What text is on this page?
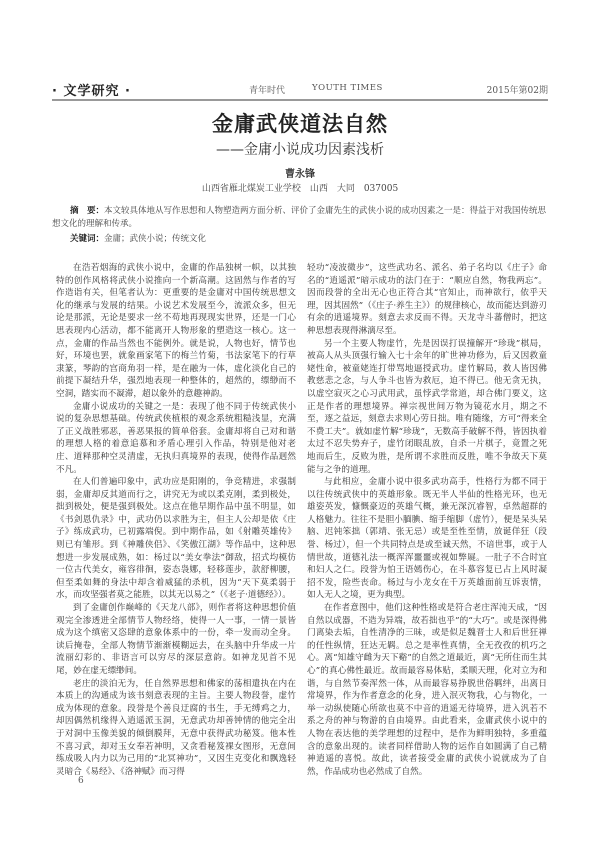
· 文学研究 ·	青年时代	YOUTH TIMES	2015年第02期
金庸武侠道法自然
——金庸小说成功因素浅析
曹永锋
山西省雁北煤炭工业学校　山西　大同　037005
摘　要：本文较具体地从写作思想和人物塑造两方面分析、评价了金庸先生的武侠小说的成功因素之一是：得益于对我国传统思想文化的理解和传承。
关键词：金庸；武侠小说；传统文化

在浩若烟海的武侠小说中，金庸的作品独树一帜，以其独特的创作风格将武侠小说推向一个新高潮。这固然与作者的写作造诣有关，但笔者认为：更重要的是金庸对中国传统思想文化的继承与发展的结果。小说艺术发展至今，流派众多，但无论是那派，无论是要求一丝不苟地再现现实世界，还是一门心思表现内心活动，都不能离开人物形象的塑造这一核心。这一点，金庸的作品当然也不能例外。就是说，人物也好，情节也好，环境也罢，就象画家笔下的梅兰竹菊，书法家笔下的行草隶篆，琴韵的宫商角羽一样，是在融为一体，虚化淡化自己的前提下凝结升华，强烈地表现一种整体的，超然的，缥缈而不空洞，踏实而不凝滞，超以象外的意趣神韵。

金庸小说成功的关键之一是：表现了他不同于传统武侠小说的复杂思想基础。传统武侠植根的观念系统粗糙浅显，充满了正义战胜邪恶，善恶果报的简单俗套。金庸却将自己对和谐的理想人格的着意追慕和矛盾心理引入作品，特别是他对老庄、道释那种空灵清虚，无执归真境界的表现，使得作品迥然不凡。

在人们普遍印象中，武功应是阳刚的，争竞精进，求强制弱，金庸却反其道而行之，讲究无为或以柔克刚，柔到极处，拙到极处，便是强到极处。这点在他早期作品中虽不明显，如《书剑恩仇录》中，武功仍以求胜为主，但主人公却是依《庄子》练成武功，已初露端倪。到中期作品，如《射雕英雄传》则已有雏形。到《神雕侠侣》、《笑傲江湖》等作品中，这种思想进一步发展成熟，如：杨过以“美女拳法”御敌，招式均模仿一位古代美女，雍容徘徊，姿态袅娜，轻移莲步，款舒柳腰，但至柔如舞的身法中却含着威猛的杀机，因为“天下莫柔弱于水，而攻坚强者莫之能胜，以其无以易之”（《老子·道德经》）。

到了金庸创作巅峰的《天龙八部》，则作者将这种思想价值观完全渗透进全部情节人物经络，使得一人一事，一情一景皆成为这个缜密又恣肆的意象体系中的一份，牵一发而动全身。读后掩卷，全部人物情节渐渐模糊远去，在头脑中升华成一片流丽幻彩的、非语言可以穷尽的深层意韵。如神龙见首不见尾，妙在虚无缥缈间。

老庄的淡泊无为，任自然界思想和佛家的荡相遣执在内在本质上的沟通成为该书刻意表现的主旨。主要人物段誉，虚竹成为体现的意象。段誉是个善良迂腐的书生，手无缚鸡之力，却因偶然机缘得入逍遥派玉洞，无意武功却善钟情的他完全出于对洞中玉像美貌的倾倒膜拜，无意中获得武功秘笈。他本性不喜习武，却对玉女奉若神明，又贪看秘笈裸女图形，无意间练成吸人内力以为己用的“北冥神功”，又因生克变化和飘逸轻灵暗合《易经》、《洛神赋》而习得

轻功“凌波微步”，这些武功名、派名、弟子名均以《庄子》命名的“逍遥派”暗示成功的法门在于：“顺应自然，物我两忘”。因而段誉的全出无心也正符合其“官知止，而神欲行，依乎天理，因其固然”（《庄子·养生主》）的规律核心，故而能达到游刃有余的逍遥境界。刻意去求反而不得。天龙寺斗蕃僧时，把这种思想表现得淋漓尽至。

另一个主要人物虚竹，先是因误打误撞解开“珍珑”棋局，被高人从头顶强行输入七十余年的旷世神功修为，后又因救童姥性命，被童姥连打带骂地逼授武功。虚竹解局，救人皆因佛教慈悲之念，与人争斗也皆为救厄，迫不得已。他无贪无执，以虚空寂灭之心习武用武，虽悖武学常道，却合佛门要义，这正是作者的理想境界。禅宗视世间万物为镜花水月，期之不至，逐之益远，刻意去求则心劳日拙。唯有随缘，方可“得来全不费工夫”。就如虚竹解“珍珑”，无数高手破解不得，皆因执着太过不忍失势弃子，虚竹闭眼乱放，自杀一片棋子，竟置之死地而后生，反败为胜，是所谓不求胜而反胜，唯不争故天下莫能与之争的道理。

与此相应，金庸小说中很多武功高手，性格行为都不同于以往传统武侠中的英雄形象。既无半人半仙的性格光环，也无雄姿英发，慷慨豪迈的英雄气概，兼无深沉睿智，卓然超群的人格魅力。往往不是胆小腼腆、缩手缩脚（虚竹），便是呆头呆脑、迟钝笨拙（郭靖、张无忌）或是至性至情，放诞佯狂（段誉、杨过），但一个共同特点是或至诚天然，不谙世事，或于人情世故，道德礼法一概浑浑噩噩或视如弊屣。一肚子不合时宜和妇人之仁。段誉为怕王语嫣伤心，在斗慕容复已占上风时凝招不发，险些丧命。杨过与小龙女在千万英雄面前互诉衷情，如人无人之境，更为典型。

在作者意图中，他们这种性格或是符合老庄浑沌天成，“因自然以成器，不造为异端，故若拙也乎”的“大巧”。或是深得佛门离染去垢，自性清净的三昧，或是似足魏晋士人和后世狂禅的任性纵情，狂达无羁。总之是率性真情，全无孜孜的机巧之心。离“知雄守雌为天下谿”的自然之道最近，离“无所住而生其心”的真心佛性最近。故而最容易体贴，柔顺天理，化对立为和谐，与自然节奏浑然一体，从而最容易挣脱世俗羁绊，出离日常境界，作为作者意念的化身，进入泯灭物我，心与物化，一举一动纵使随心所欲也莫不中音的逍遥无待境界，进入汎若不系之舟的神与物游的自由境界。由此看来，金庸武侠小说中的人物在表达他的美学理想的过程中，是作为鲜明独特，多重蕴含的意象出现的。读者同样借助人物的运作自如圆满了自己精神逍遥的喜悦。故此，读者接受金庸的武侠小说就成为了自然，作品成功也必然成了自然。

6
